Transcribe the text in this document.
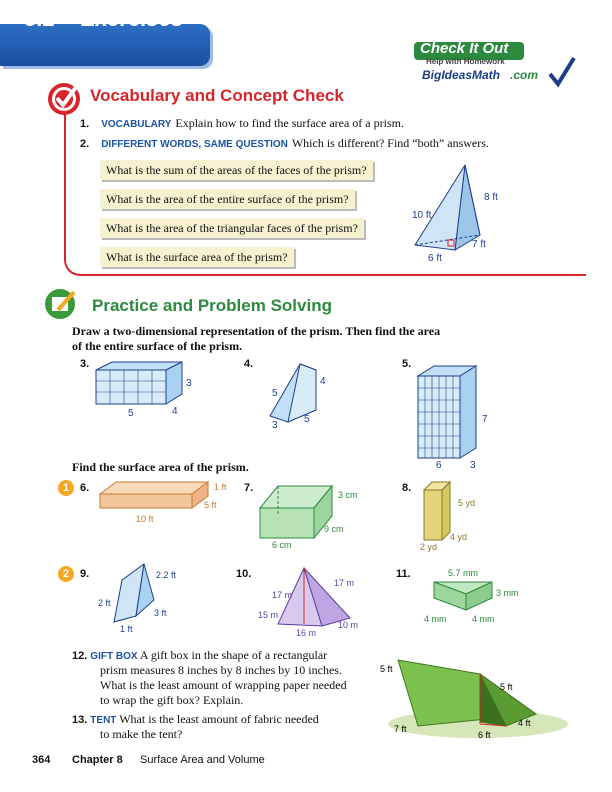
8.2 Exercises
Check It Out
Help with Homework
BigIdeasMath .com
Vocabulary and Concept Check
1. VOCABULARY Explain how to find the surface area of a prism.
2. DIFFERENT WORDS, SAME QUESTION Which is different? Find “both” answers.
What is the sum of the areas of the faces of the prism?
What is the area of the entire surface of the prism?
What is the area of the triangular faces of the prism?
What is the surface area of the prism?
8 ft
10 ft
7 ft
6 ft
Practice and Problem Solving
Draw a two-dimensional representation of the prism. Then find the area
of the entire surface of the prism.
3.
3
5	4
4.
5
4
3
5
5.
7
6	3
Find the surface area of the prism.
1 6.	1 ft
5 ft
10 ft
7.
3 cm
9 cm
6 cm
8.
5 yd
4 yd
2 yd
2 9.	2.2 ft
2 ft
3 ft
1 ft
10.
17 m
17 m
15 m
16 m
10 m
11.	5.7 mm
3 mm
4 mm	4 mm
12. GIFT BOX A gift box in the shape of a rectangular
prism measures 8 inches by 8 inches by 10 inches.
What is the least amount of wrapping paper needed
to wrap the gift box? Explain.
13. TENT What is the least amount of fabric needed
to make the tent?
5 ft
5 ft
4 ft
7 ft
6 ft
364 Chapter 8 Surface Area and Volume
